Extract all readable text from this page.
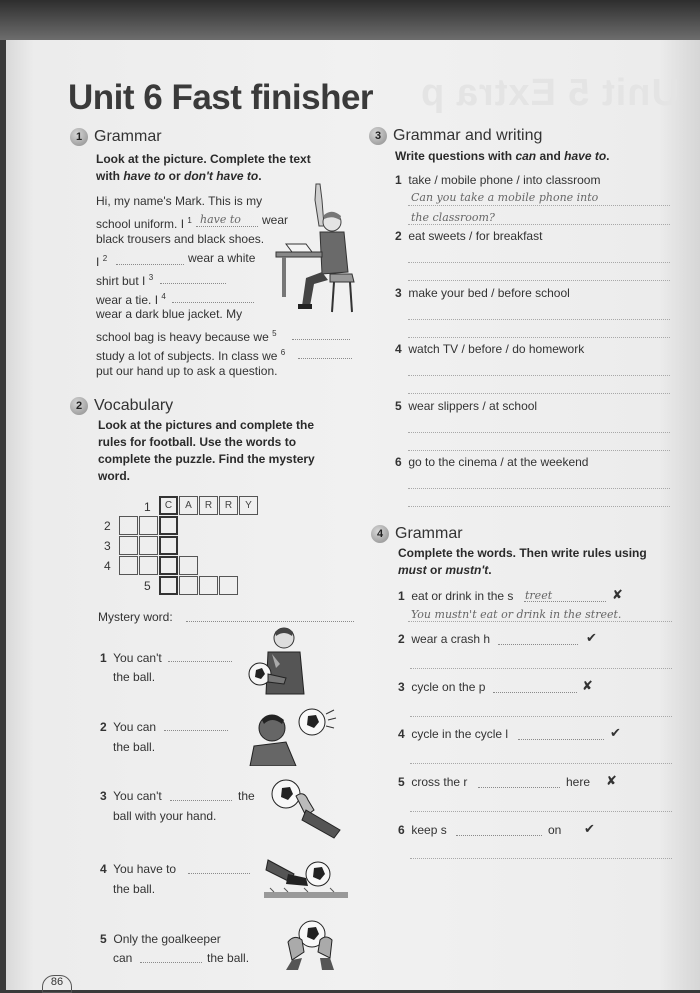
Unit 5 Extra p
Unit 6 Fast finisher
1 Grammar
Look at the picture. Complete the text
with have to or don't have to.
Hi, my name's Mark. This is my
school uniform. I $^1$ have to wear
black trousers and black shoes.
I $^2$	wear a white
shirt but I $^3$
wear a tie. I $^4$
wear a dark blue jacket. My
school bag is heavy because we $^5$
study a lot of subjects. In class we $^6$
put our hand up to ask a question.
2 Vocabulary
Look at the pictures and complete the
rules for football. Use the words to
complete the puzzle. Find the mystery
word.
1
2
3
4
5
C	A	R	R	Y
Mystery word:
1 You can't
the ball.
2 You can
the ball.
3 You can't	the
ball with your hand.
4 You have to
the ball.
5 Only the goalkeeper
can	the ball.
3 Grammar and writing
Write questions with can and have to.
1 take / mobile phone / into classroom
Can you take a mobile phone into
the classroom?
2 eat sweets / for breakfast
3 make your bed / before school
4 watch TV / before / do homework
5 wear slippers / at school
6 go to the cinema / at the weekend
4 Grammar
Complete the words. Then write rules using
must or mustn't.
1 eat or drink in the s treet	✘
You mustn't eat or drink in the street.
2 wear a crash h	✔
3 cycle on the p	✘
4 cycle in the cycle l	✔
5 cross the r	here ✘
6 keep s	on ✔
86
